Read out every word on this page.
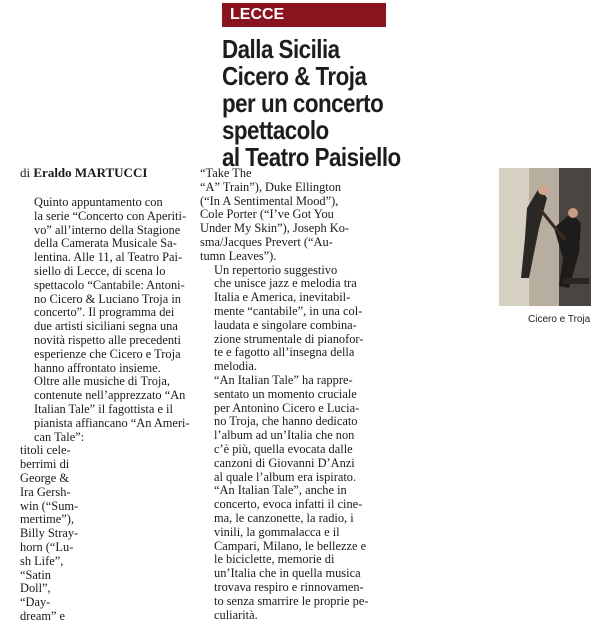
LECCE
Dalla Sicilia
Cicero & Troja
per un concerto
spettacolo
al Teatro Paisiello
di Eraldo MARTUCCI

Quinto appuntamento con
la serie “Concerto con Aperiti-
vo” all’interno della Stagione
della Camerata Musicale Sa-
lentina. Alle 11, al Teatro Pai-
siello di Lecce, di scena lo
spettacolo “Cantabile: Antoni-
no Cicero & Luciano Troja in
concerto”. Il programma dei
due artisti siciliani segna una
novità rispetto alle precedenti
esperienze che Cicero e Troja
hanno affrontato insieme.

Oltre alle musiche di Troja,
contenute nell’apprezzato “An
Italian Tale” il fagottista e il
pianista affiancano “An Ameri-
can Tale”:

titoli cele-
berrimi di
George &
Ira Gersh-
win (“Sum-
mertime”),
Billy Stray-
horn (“Lu-
sh Life”,
“Satin
Doll”,
“Day-
dream” e

“Take The
“A” Train”), Duke Ellington
(“In A Sentimental Mood”),
Cole Porter (“I’ve Got You
Under My Skin”), Joseph Ko-
sma/Jacques Prevert (“Au-
tumn Leaves”).

Un repertorio suggestivo
che unisce jazz e melodia tra
Italia e America, inevitabil-
mente “cantabile”, in una col-
laudata e singolare combina-
zione strumentale di pianofor-
te e fagotto all’insegna della
melodia.

“An Italian Tale” ha rappre-
sentato un momento cruciale
per Antonino Cicero e Lucia-
no Troja, che hanno dedicato
l’album ad un’Italia che non
c’è più, quella evocata dalle
canzoni di Giovanni D’Anzi
al quale l’album era ispirato.
“An Italian Tale”, anche in
concerto, evoca infatti il cine-
ma, le canzonette, la radio, i
vinili, la gommalacca e il
Campari, Milano, le bellezze e
le biciclette, memorie di
un’Italia che in quella musica
trovava respiro e rinnovamen-
to senza smarrire le proprie pe-
culiarità.

Cicero e Troja
